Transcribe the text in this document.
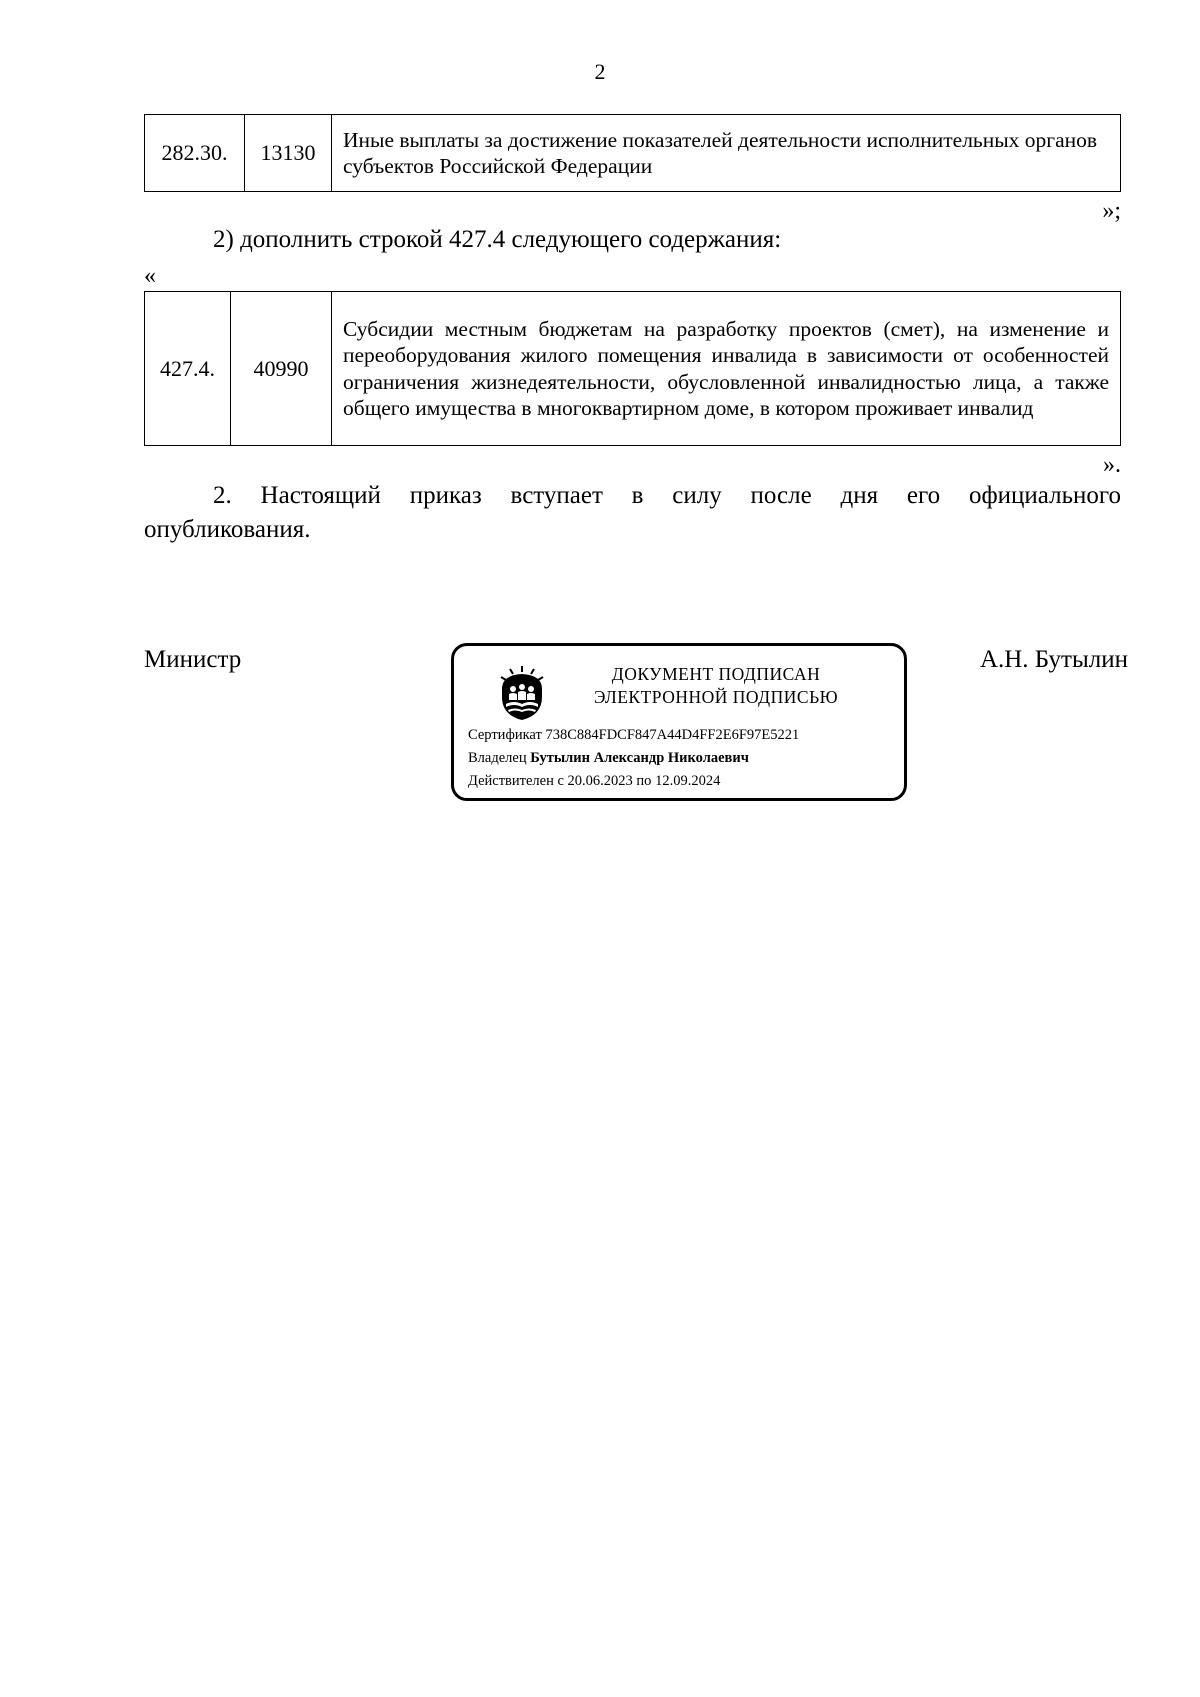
2
282.30.	13130	Иные выплаты за достижение показателей деятельности исполнительных органов субъектов Российской Федерации
»;
2) дополнить строкой 427.4 следующего содержания:
«
427.4.	40990	Субсидии местным бюджетам на разработку проектов (смет), на изменение и переоборудования жилого помещения инвалида в зависимости от особенностей ограничения жизнедеятельности, обусловленной инвалидностью лица, а также общего имущества в многоквартирном доме, в котором проживает инвалид
».
2. Настоящий приказ вступает в силу после дня его официального
опубликования.
Министр	А.Н. Бутылин
ДОКУМЕНТ ПОДПИСАН
ЭЛЕКТРОННОЙ ПОДПИСЬЮ
Сертификат 738C884FDCF847A44D4FF2E6F97E5221
Владелец Бутылин Александр Николаевич
Действителен с 20.06.2023 по 12.09.2024
